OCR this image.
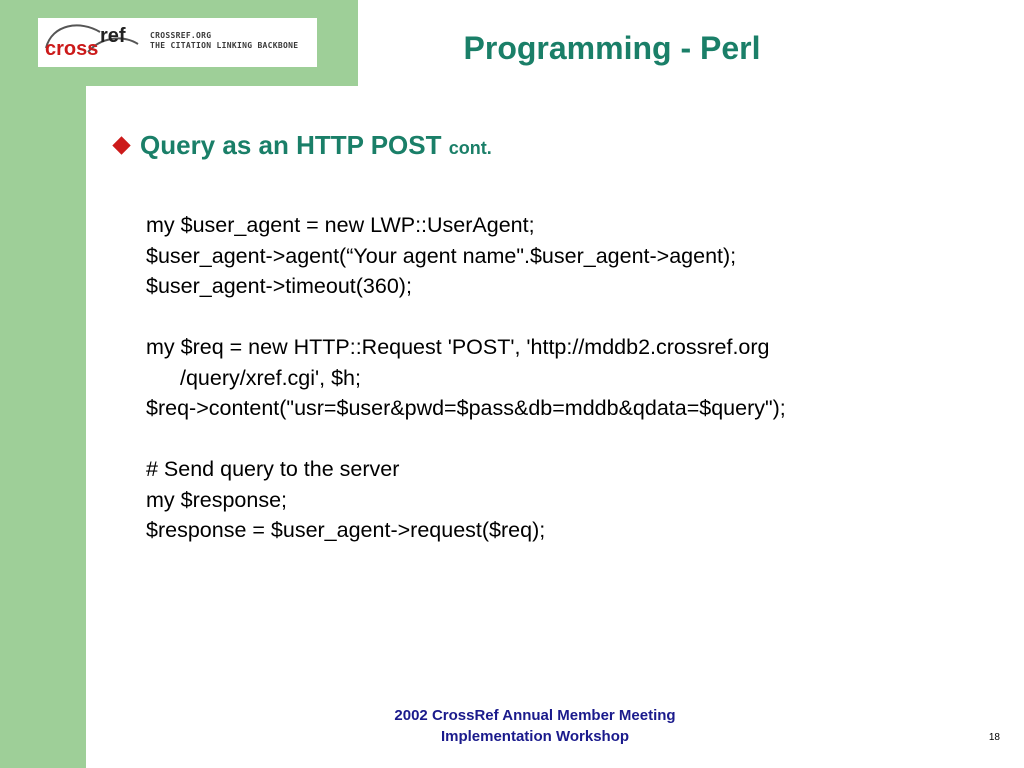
cross
ref	CROSSREF.ORG
THE CITATION LINKING BACKBONE	Programming - Perl
Query as an HTTP POST cont.
my $user_agent = new LWP::UserAgent;
$user_agent->agent(“Your agent name".$user_agent->agent);
$user_agent->timeout(360);
my $req = new HTTP::Request 'POST', 'http://mddb2.crossref.org
/query/xref.cgi', $h;
$req->content("usr=$user&pwd=$pass&db=mddb&qdata=$query");
# Send query to the server
my $response;
$response = $user_agent->request($req);
2002 CrossRef Annual Member Meeting
Implementation Workshop	18
